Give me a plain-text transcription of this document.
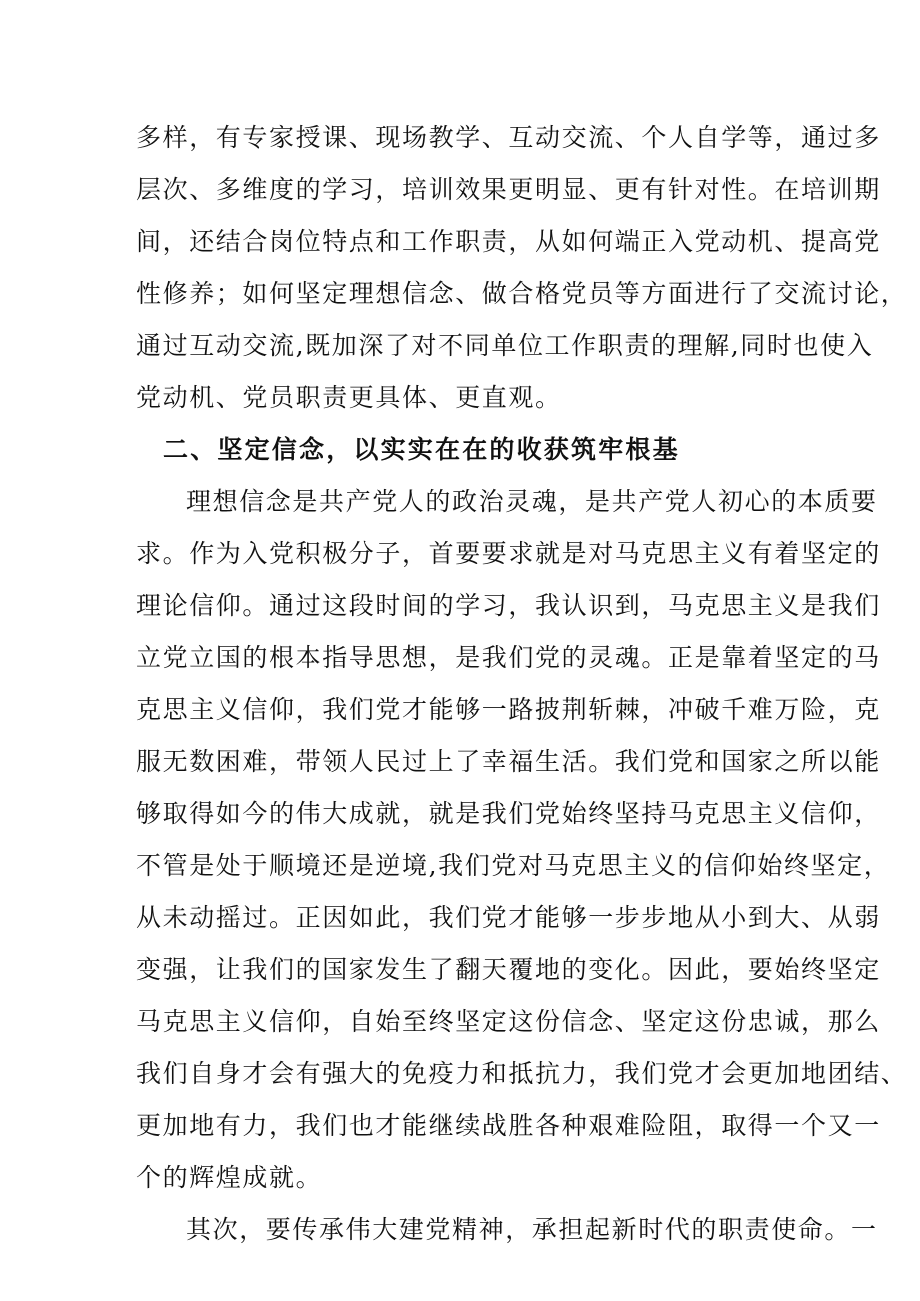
多样，有专家授课、现场教学、互动交流、个人自学等，通过多
层次、多维度的学习，培训效果更明显、更有针对性。在培训期
间，还结合岗位特点和工作职责，从如何端正入党动机、提高党
性修养；如何坚定理想信念、做合格党员等方面进行了交流讨论，
通过互动交流,既加深了对不同单位工作职责的理解,同时也使入
党动机、党员职责更具体、更直观。
二、坚定信念，以实实在在的收获筑牢根基
理想信念是共产党人的政治灵魂，是共产党人初心的本质要
求。作为入党积极分子，首要要求就是对马克思主义有着坚定的
理论信仰。通过这段时间的学习，我认识到，马克思主义是我们
立党立国的根本指导思想，是我们党的灵魂。正是靠着坚定的马
克思主义信仰，我们党才能够一路披荆斩棘，冲破千难万险，克
服无数困难，带领人民过上了幸福生活。我们党和国家之所以能
够取得如今的伟大成就，就是我们党始终坚持马克思主义信仰，
不管是处于顺境还是逆境,我们党对马克思主义的信仰始终坚定，
从未动摇过。正因如此，我们党才能够一步步地从小到大、从弱
变强，让我们的国家发生了翻天覆地的变化。因此，要始终坚定
马克思主义信仰，自始至终坚定这份信念、坚定这份忠诚，那么
我们自身才会有强大的免疫力和抵抗力，我们党才会更加地团结、
更加地有力，我们也才能继续战胜各种艰难险阻，取得一个又一
个的辉煌成就。
其次，要传承伟大建党精神，承担起新时代的职责使命。一
